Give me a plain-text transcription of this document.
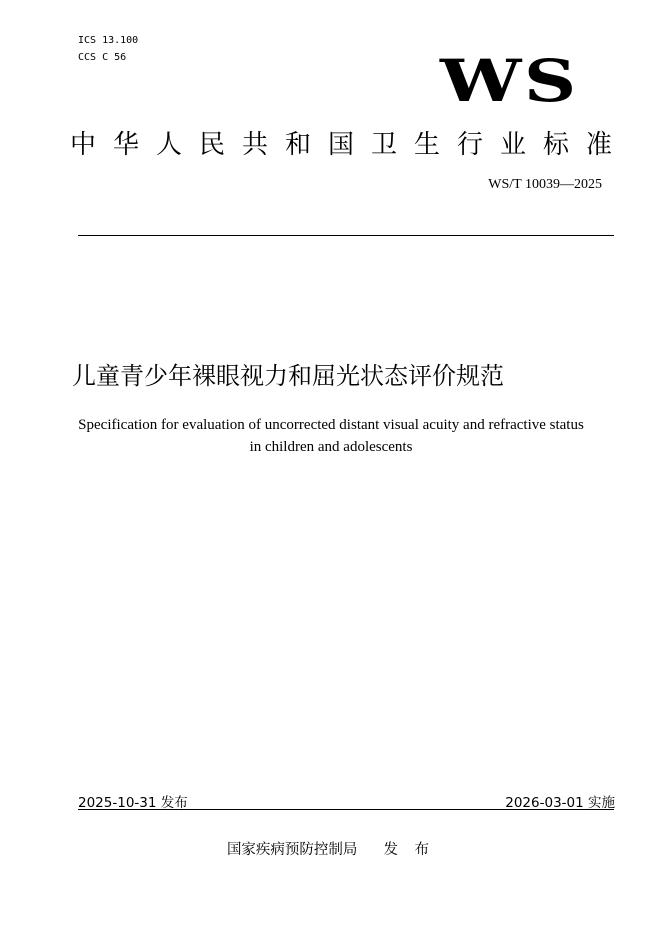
ICS 13.100
CCS C 56	WS
中华人民共和国卫生行业标准
WS/T 10039—2025
儿童青少年裸眼视力和屈光状态评价规范
Specification for evaluation of uncorrected distant visual acuity and refractive status
in children and adolescents
2025-10-31 发布	2026-03-01 实施
国家疾病预防控制局 发 布
